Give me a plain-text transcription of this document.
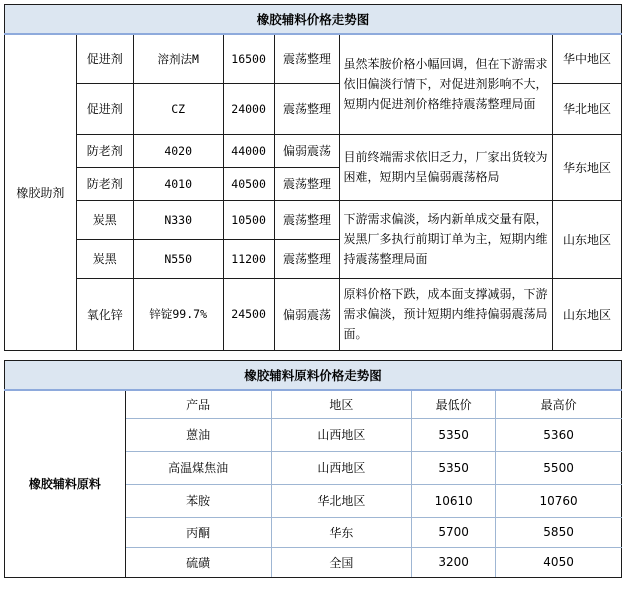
橡胶辅料价格走势图						
橡胶助剂	促进剂	溶剂法M	16500	震荡整理	虽然苯胺价格小幅回调，但在下游需求依旧偏淡行情下，对促进剂影响不大，短期内促进剂价格维持震荡整理局面	华中地区
	促进剂	CZ	24000	震荡整理		华北地区
	防老剂	4020	44000	偏弱震荡	目前终端需求依旧乏力，厂家出货较为困难，短期内呈偏弱震荡格局	华东地区
	防老剂	4010	40500	震荡整理		
	炭黑	N330	10500	震荡整理	下游需求偏淡，场内新单成交量有限，炭黑厂多执行前期订单为主，短期内维持震荡整理局面	山东地区
	炭黑	N550	11200	震荡整理		
	氧化锌	锌锭99.7%	24500	偏弱震荡	原料价格下跌，成本面支撑减弱，下游需求偏淡，预计短期内维持偏弱震荡局面。	山东地区
橡胶辅料原料价格走势图				
橡胶辅料原料	产品	地区	最低价	最高价
	蒽油	山西地区	5350	5360
	高温煤焦油	山西地区	5350	5500
	苯胺	华北地区	10610	10760
	丙酮	华东	5700	5850
	硫磺	全国	3200	4050
